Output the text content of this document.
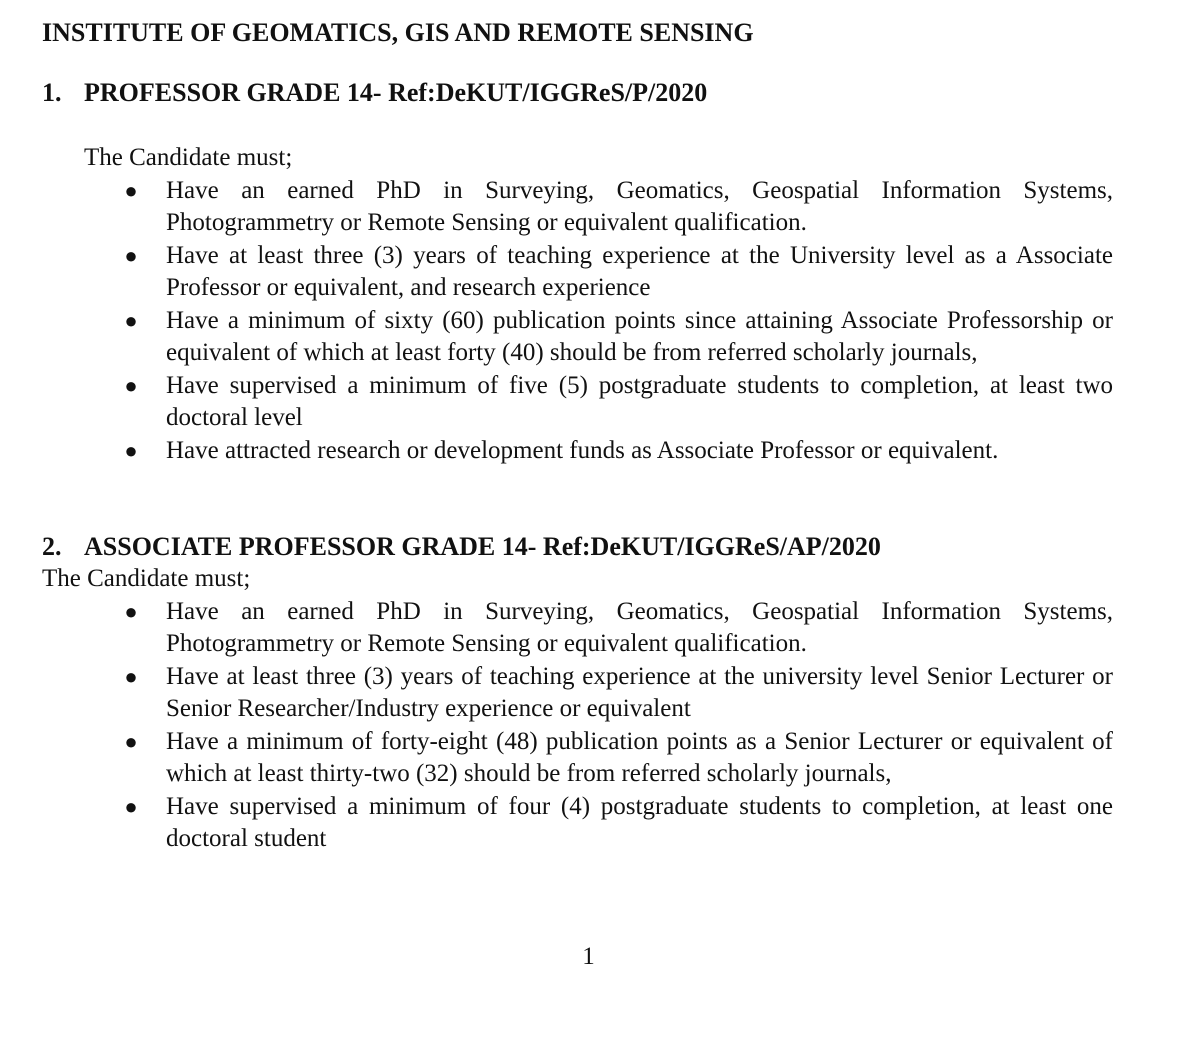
INSTITUTE OF GEOMATICS, GIS AND REMOTE SENSING
1. PROFESSOR GRADE 14- Ref:DeKUT/IGGReS/P/2020
The Candidate must;
● Have an earned PhD in Surveying, Geomatics, Geospatial Information Systems, Photogrammetry or Remote Sensing or equivalent qualification.
● Have at least three (3) years of teaching experience at the University level as a Associate Professor or equivalent, and research experience
● Have a minimum of sixty (60) publication points since attaining Associate Professorship or equivalent of which at least forty (40) should be from referred scholarly journals,
● Have supervised a minimum of five (5) postgraduate students to completion, at least two doctoral level
● Have attracted research or development funds as Associate Professor or equivalent.
2. ASSOCIATE PROFESSOR GRADE 14- Ref:DeKUT/IGGReS/AP/2020
The Candidate must;
● Have an earned PhD in Surveying, Geomatics, Geospatial Information Systems, Photogrammetry or Remote Sensing or equivalent qualification.
● Have at least three (3) years of teaching experience at the university level Senior Lecturer or Senior Researcher/Industry experience or equivalent
● Have a minimum of forty-eight (48) publication points as a Senior Lecturer or equivalent of which at least thirty-two (32) should be from referred scholarly journals,
● Have supervised a minimum of four (4) postgraduate students to completion, at least one doctoral student
1
